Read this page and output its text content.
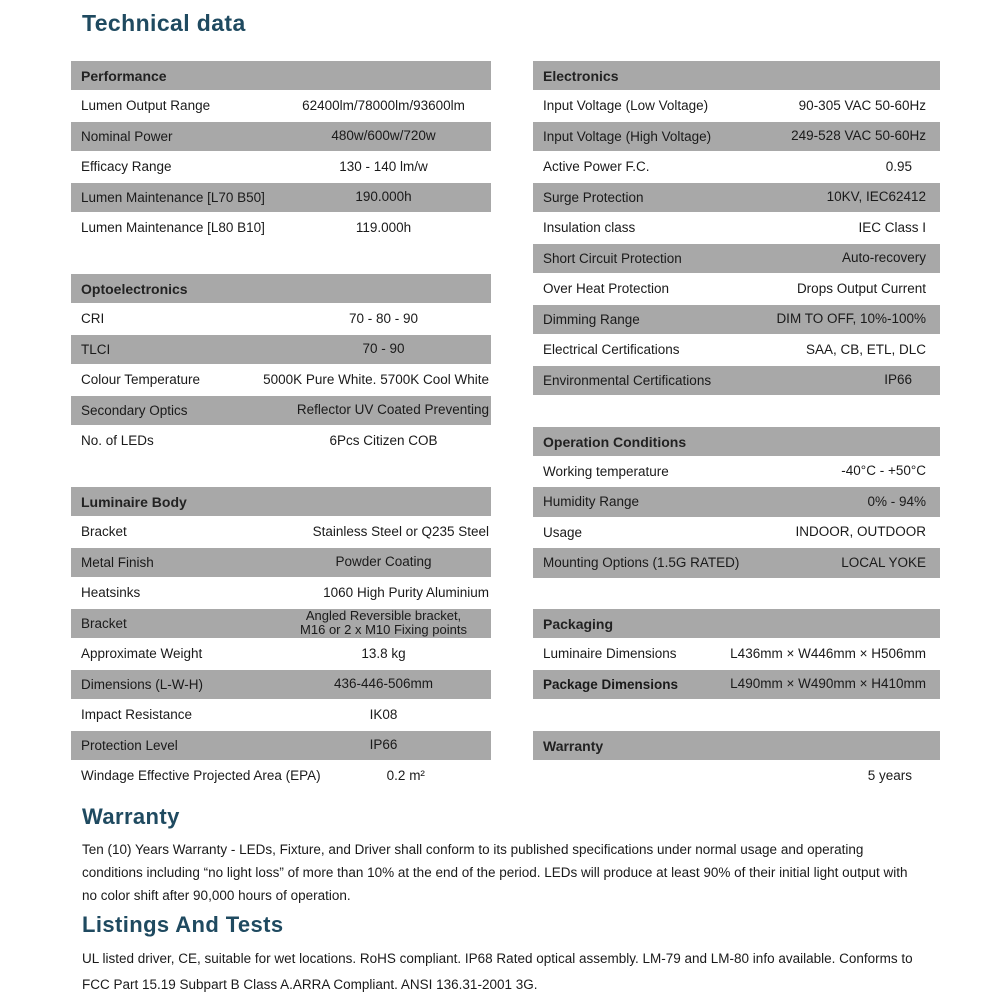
Technical data
Performance
Lumen Output Range	62400lm/78000lm/93600lm
Nominal Power	480w/600w/720w
Efficacy Range	130 - 140 lm/w
Lumen Maintenance [L70 B50]	190.000h
Lumen Maintenance [L80 B10]	119.000h
Optoelectronics
CRI	70 - 80 - 90
TLCI	70 - 90
Colour Temperature	5000K Pure White. 5700K Cool White
Secondary Optics	Reflector UV Coated Preventing
No. of LEDs	6Pcs Citizen COB
Luminaire Body
Bracket	Stainless Steel or Q235 Steel
Metal Finish	Powder Coating
Heatsinks	1060 High Purity Aluminium
Bracket	Angled Reversible bracket,
M16 or 2 x M10 Fixing points
Approximate Weight	13.8 kg
Dimensions (L-W-H)	436-446-506mm
Impact Resistance	IK08
Protection Level	IP66
Windage Effective Projected Area (EPA)	0.2 m²
Electronics
Input Voltage (Low Voltage)	90-305 VAC 50-60Hz
Input Voltage (High Voltage)	249-528 VAC 50-60Hz
Active Power F.C.	0.95
Surge Protection	10KV, IEC62412
Insulation class	IEC Class I
Short Circuit Protection	Auto-recovery
Over Heat Protection	Drops Output Current
Dimming Range	DIM TO OFF, 10%-100%
Electrical Certifications	SAA, CB, ETL, DLC
Environmental Certifications	IP66
Operation Conditions
Working temperature	-40°C - +50°C
Humidity Range	0% - 94%
Usage	INDOOR, OUTDOOR
Mounting Options (1.5G RATED)	LOCAL YOKE
Packaging
Luminaire Dimensions	L436mm × W446mm × H506mm
Package Dimensions	L490mm × W490mm × H410mm
Warranty
5 years
Warranty
Ten (10) Years Warranty - LEDs, Fixture, and Driver shall conform to its published specifications under normal usage and operating conditions including “no light loss” of more than 10% at the end of the period. LEDs will produce at least 90% of their initial light output with no color shift after 90,000 hours of operation.
Listings And Tests
UL listed driver, CE, suitable for wet locations. RoHS compliant. IP68 Rated optical assembly. LM-79 and LM-80 info available. Conforms to FCC Part 15.19 Subpart B Class A.ARRA Compliant. ANSI 136.31-2001 3G.
